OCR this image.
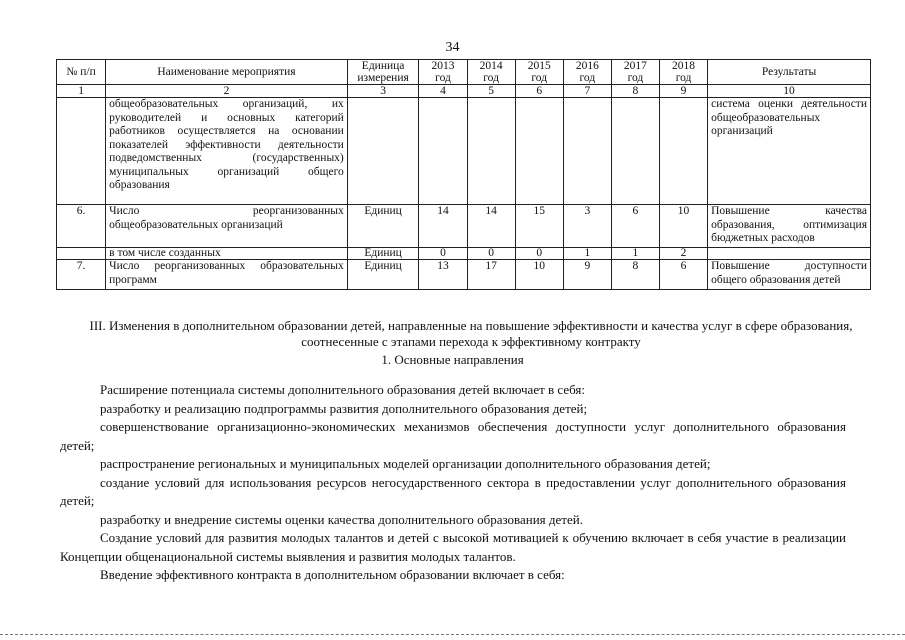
34
№ п/п	Наименование мероприятия	Единица измерения	2013 год	2014 год	2015 год	2016 год	2017 год	2018 год	Результаты
1	2	3	4	5	6	7	8	9	10
	общеобразовательных организаций, их руководителей и основных категорий работников осуществляется на основании показателей эффективности деятельности подведомственных (государственных) муниципальных организаций общего образования								система оценки деятельности общеобразовательных организаций
6.	Число реорганизованных общеобразовательных организаций	Единиц	14	14	15	3	6	10	Повышение качества образования, оптимизация бюджетных расходов
	в том числе созданных	Единиц	0	0	0	1	1	2	
7.	Число реорганизованных образовательных программ	Единиц	13	17	10	9	8	6	Повышение доступности общего образования детей
III. Изменения в дополнительном образовании детей, направленные на повышение эффективности и качества услуг в сфере образования, соотнесенные с этапами перехода к эффективному контракту
1. Основные направления

Расширение потенциала системы дополнительного образования детей включает в себя:

разработку и реализацию подпрограммы развития дополнительного образования детей;

совершенствование организационно-экономических механизмов обеспечения доступности услуг дополнительного образования детей;

распространение региональных и муниципальных моделей организации дополнительного образования детей;

создание условий для использования ресурсов негосударственного сектора в предоставлении услуг дополнительного образования детей;

разработку и внедрение системы оценки качества дополнительного образования детей.

Создание условий для развития молодых талантов и детей с высокой мотивацией к обучению включает в себя участие в реализации Концепции общенациональной системы выявления и развития молодых талантов.

Введение эффективного контракта в дополнительном образовании включает в себя:
